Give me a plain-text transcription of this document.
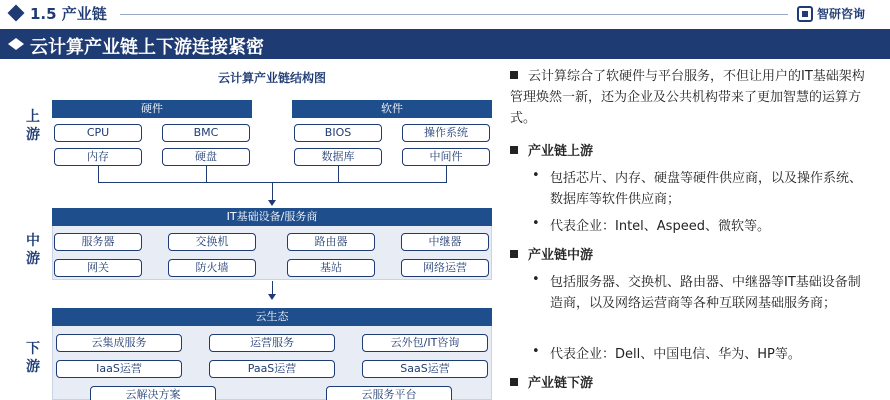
1.5 产业链	智研咨询
云计算产业链上下游连接紧密
云计算产业链结构图
上
游
中
游
下
游
硬件
CPU	BMC
内存	硬盘
软件
BIOS	操作系统
数据库	中间件
IT基础设备/服务商
服务器	交换机	路由器	中继器
网关	防火墙	基站	网络运营
云生态
云集成服务	运营服务	云外包/IT咨询
IaaS运营	PaaS运营	SaaS运营
云解决方案	云服务平台
云计算综合了软硬件与平台服务，不但让用户的IT基础架构管理焕然一新，还为企业及公共机构带来了更加智慧的运算方式。
产业链上游
• 包括芯片、内存、硬盘等硬件供应商，以及操作系统、数据库等软件供应商；
• 代表企业：Intel、Aspeed、微软等。
产业链中游
• 包括服务器、交换机、路由器、中继器等IT基础设备制造商，以及网络运营商等各种互联网基础服务商；
• 代表企业：Dell、中国电信、华为、HP等。
产业链下游
